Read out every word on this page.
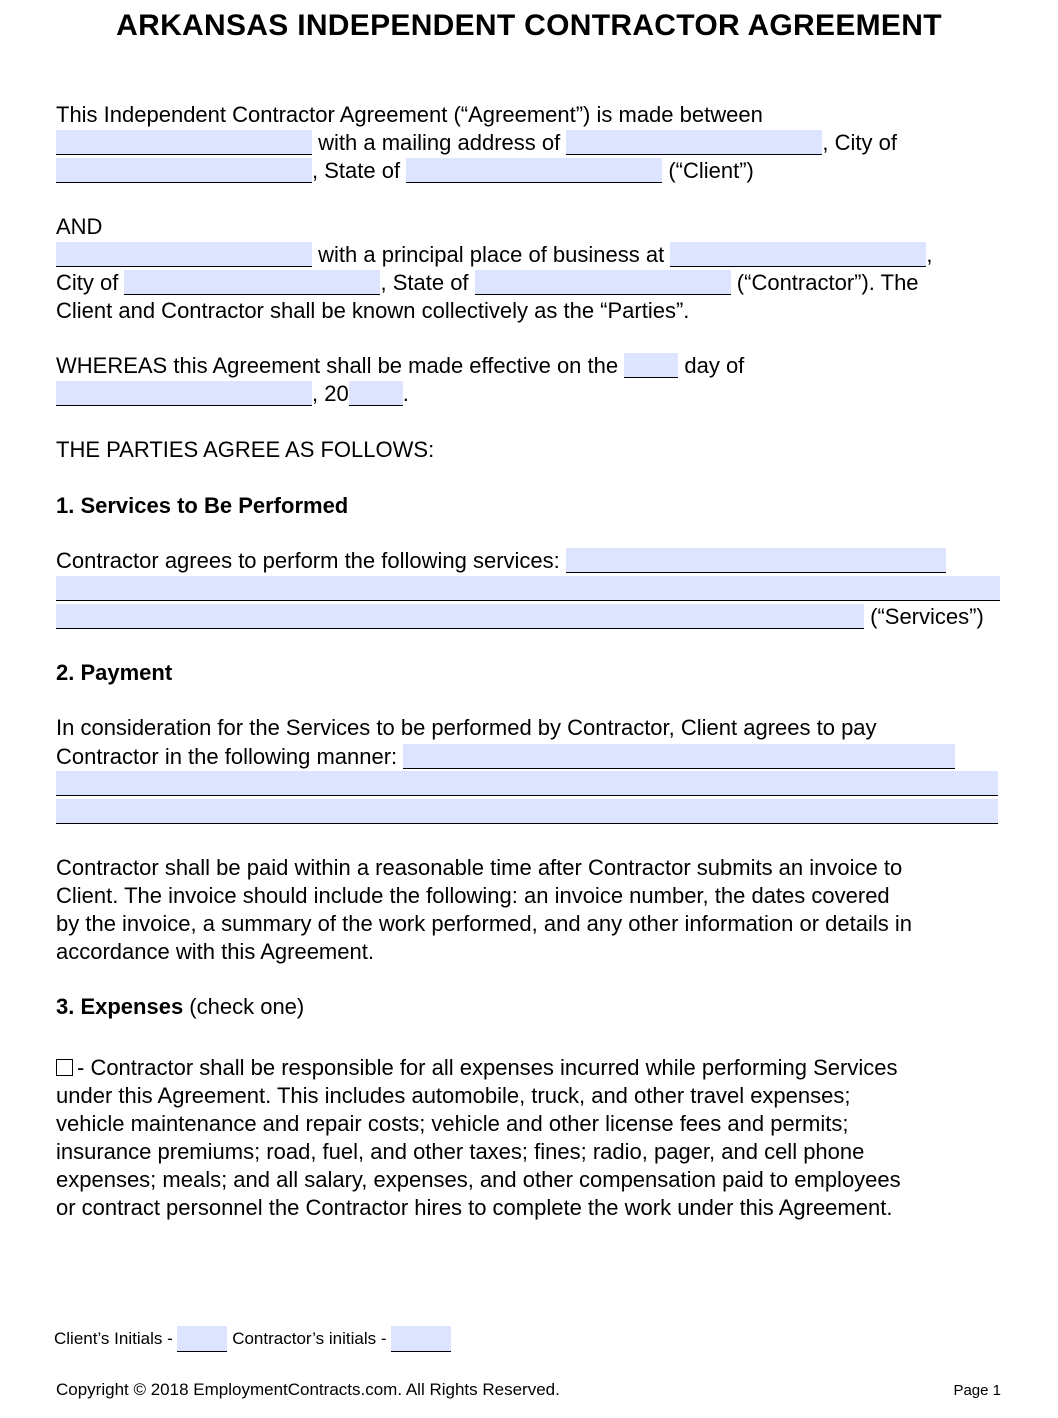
ARKANSAS INDEPENDENT CONTRACTOR AGREEMENT
This Independent Contractor Agreement (“Agreement”) is made between
with a mailing address of	, City of
, State of	(“Client”)
AND
with a principal place of business at	,
City of	, State of	(“Contractor”). The
Client and Contractor shall be known collectively as the “Parties”.
WHEREAS this Agreement shall be made effective on the	day of
, 20 .
THE PARTIES AGREE AS FOLLOWS:
1. Services to Be Performed
Contractor agrees to perform the following services:
(“Services”)
2. Payment
In consideration for the Services to be performed by Contractor, Client agrees to pay
Contractor in the following manner:
Contractor shall be paid within a reasonable time after Contractor submits an invoice to
Client. The invoice should include the following: an invoice number, the dates covered
by the invoice, a summary of the work performed, and any other information or details in
accordance with this Agreement.
3. Expenses (check one)
- Contractor shall be responsible for all expenses incurred while performing Services
under this Agreement. This includes automobile, truck, and other travel expenses;
vehicle maintenance and repair costs; vehicle and other license fees and permits;
insurance premiums; road, fuel, and other taxes; fines; radio, pager, and cell phone
expenses; meals; and all salary, expenses, and other compensation paid to employees
or contract personnel the Contractor hires to complete the work under this Agreement.
Client’s Initials -	Contractor’s initials -
Copyright © 2018 EmploymentContracts.com. All Rights Reserved.	Page 1
